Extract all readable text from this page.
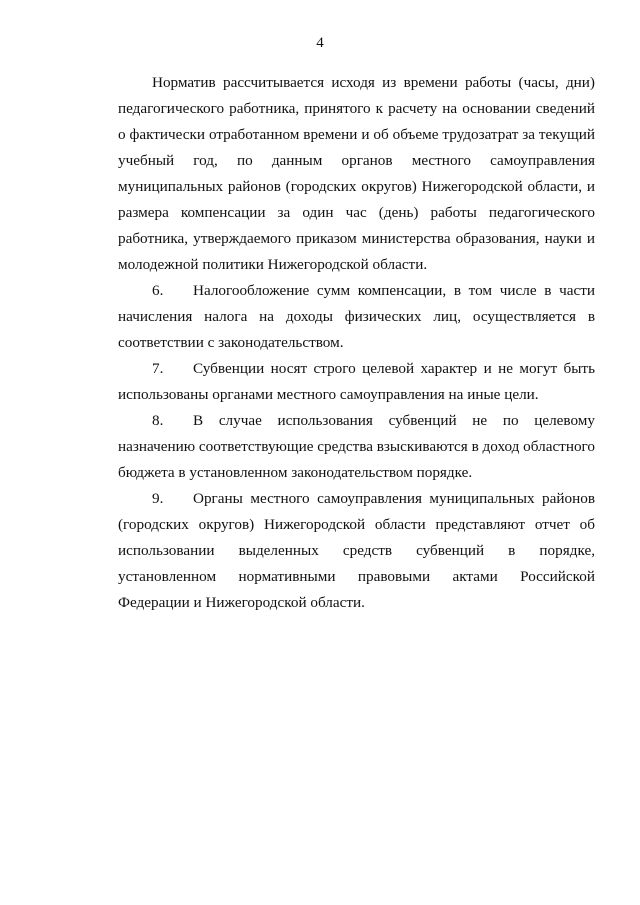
4

Норматив рассчитывается исходя из времени работы (часы, дни) педагогического работника, принятого к расчету на основании сведений о фактически отработанном времени и об объеме трудозатрат за текущий учебный год, по данным органов местного самоуправления муниципальных районов (городских округов) Нижегородской области, и размера компенсации за один час (день) работы педагогического работника, утверждаемого приказом министерства образования, науки и молодежной политики Нижегородской области.

6. Налогообложение сумм компенсации, в том числе в части начисления налога на доходы физических лиц, осуществляется в соответствии с законодательством.

7. Субвенции носят строго целевой характер и не могут быть использованы органами местного самоуправления на иные цели.

8. В случае использования субвенций не по целевому назначению соответствующие средства взыскиваются в доход областного бюджета в установленном законодательством порядке.

9. Органы местного самоуправления муниципальных районов (городских округов) Нижегородской области представляют отчет об использовании выделенных средств субвенций в порядке, установленном нормативными правовыми актами Российской Федерации и Нижегородской области.
